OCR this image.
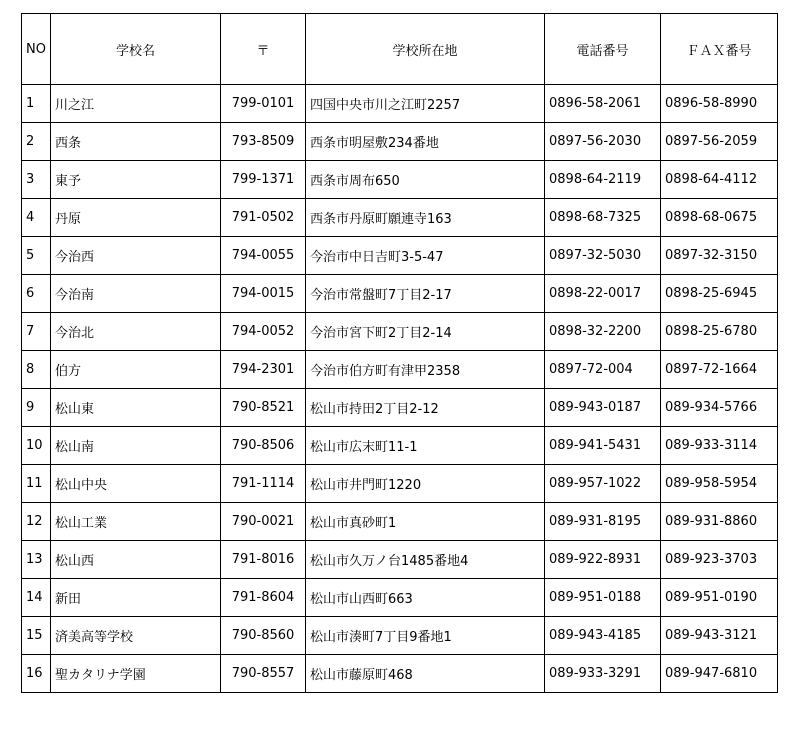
NO	学校名	〒	学校所在地	電話番号	ＦＡＸ番号
1	川之江	799-0101	四国中央市川之江町2257	0896-58-2061	0896-58-8990
2	西条	793-8509	西条市明屋敷234番地	0897-56-2030	0897-56-2059
3	東予	799-1371	西条市周布650	0898-64-2119	0898-64-4112
4	丹原	791-0502	西条市丹原町願連寺163	0898-68-7325	0898-68-0675
5	今治西	794-0055	今治市中日吉町3-5-47	0897-32-5030	0897-32-3150
6	今治南	794-0015	今治市常盤町7丁目2-17	0898-22-0017	0898-25-6945
7	今治北	794-0052	今治市宮下町2丁目2-14	0898-32-2200	0898-25-6780
8	伯方	794-2301	今治市伯方町有津甲2358	0897-72-004	0897-72-1664
9	松山東	790-8521	松山市持田2丁目2-12	089-943-0187	089-934-5766
10	松山南	790-8506	松山市広末町11-1	089-941-5431	089-933-3114
11	松山中央	791-1114	松山市井門町1220	089-957-1022	089-958-5954
12	松山工業	790-0021	松山市真砂町1	089-931-8195	089-931-8860
13	松山西	791-8016	松山市久万ノ台1485番地4	089-922-8931	089-923-3703
14	新田	791-8604	松山市山西町663	089-951-0188	089-951-0190
15	済美高等学校	790-8560	松山市湊町7丁目9番地1	089-943-4185	089-943-3121
16	聖カタリナ学園	790-8557	松山市藤原町468	089-933-3291	089-947-6810
